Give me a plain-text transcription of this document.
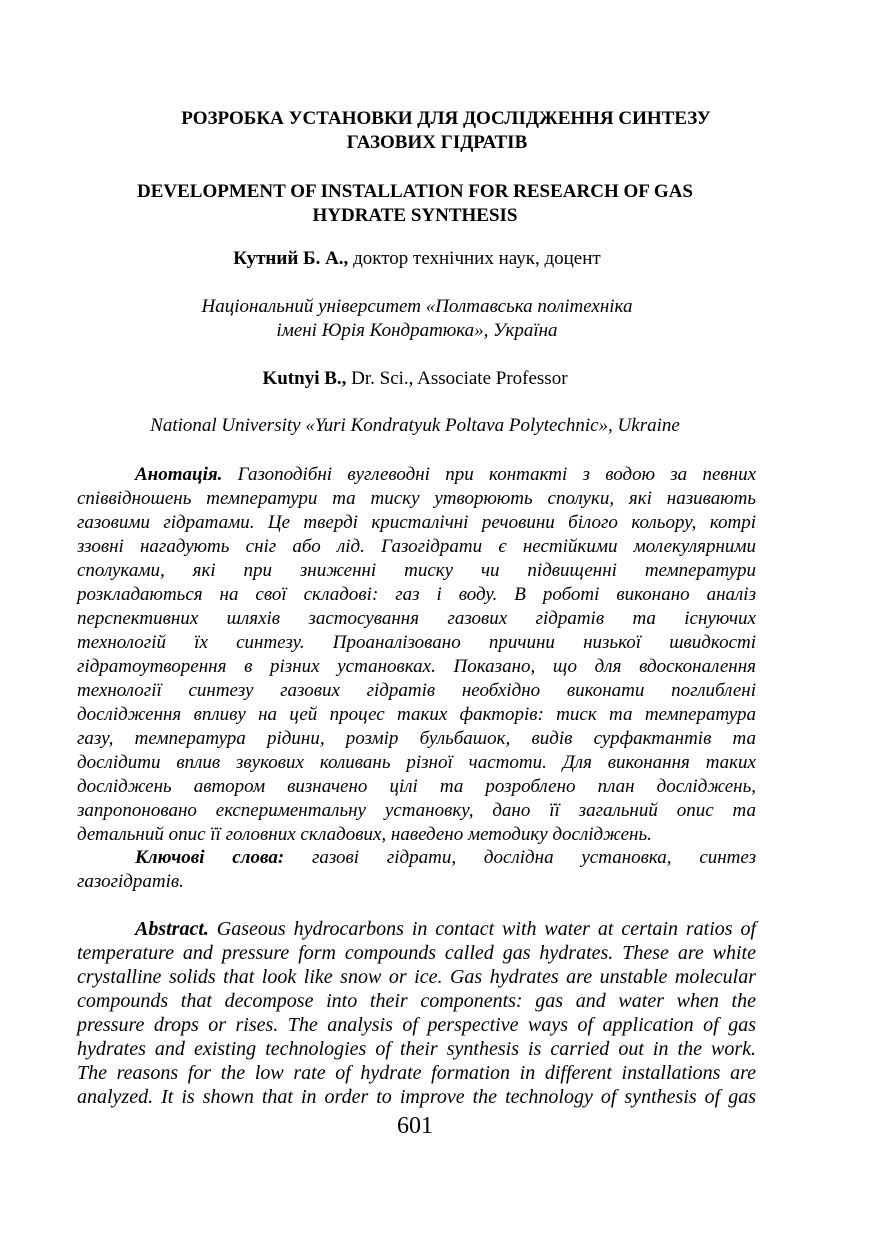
РОЗРОБКА УСТАНОВКИ ДЛЯ ДОСЛІДЖЕННЯ СИНТЕЗУ
ГАЗОВИХ ГІДРАТІВ
DEVELOPMENT OF INSTALLATION FOR RESEARCH OF GAS
HYDRATE SYNTHESIS
Кутний Б. А., доктор технічних наук, доцент
Національний університет «Полтавська політехніка
імені Юрія Кондратюка», Україна
Kutnyi B., Dr. Sci., Associate Professor
National University «Yuri Kondratyuk Poltava Polytechnic», Ukraine
Анотація. Газоподібні вуглеводні при контакті з водою за певних
співвідношень температури та тиску утворюють сполуки, які називають
газовими гідратами. Це тверді кристалічні речовини білого кольору, котрі
ззовні нагадують сніг або лід. Газогідрати є нестійкими молекулярними
сполуками, які при зниженні тиску чи підвищенні температури
розкладаються на свої складові: газ і воду. В роботі виконано аналіз
перспективних шляхів застосування газових гідратів та існуючих
технологій їх синтезу. Проаналізовано причини низької швидкості
гідратоутворення в різних установках. Показано, що для вдосконалення
технології синтезу газових гідратів необхідно виконати поглиблені
дослідження впливу на цей процес таких факторів: тиск та температура
газу, температура рідини, розмір бульбашок, видів сурфактантів та
дослідити вплив звукових коливань різної частоти. Для виконання таких
досліджень автором визначено цілі та розроблено план досліджень,
запропоновано експериментальну установку, дано її загальний опис та
детальний опис її головних складових, наведено методику досліджень.
Ключові слова: газові гідрати, дослідна установка, синтез
газогідратів.
Abstract. Gaseous hydrocarbons in contact with water at certain ratios of
temperature and pressure form compounds called gas hydrates. These are white
crystalline solids that look like snow or ice. Gas hydrates are unstable molecular
compounds that decompose into their components: gas and water when the
pressure drops or rises. The analysis of perspective ways of application of gas
hydrates and existing technologies of their synthesis is carried out in the work.
The reasons for the low rate of hydrate formation in different installations are
analyzed. It is shown that in order to improve the technology of synthesis of gas
601
